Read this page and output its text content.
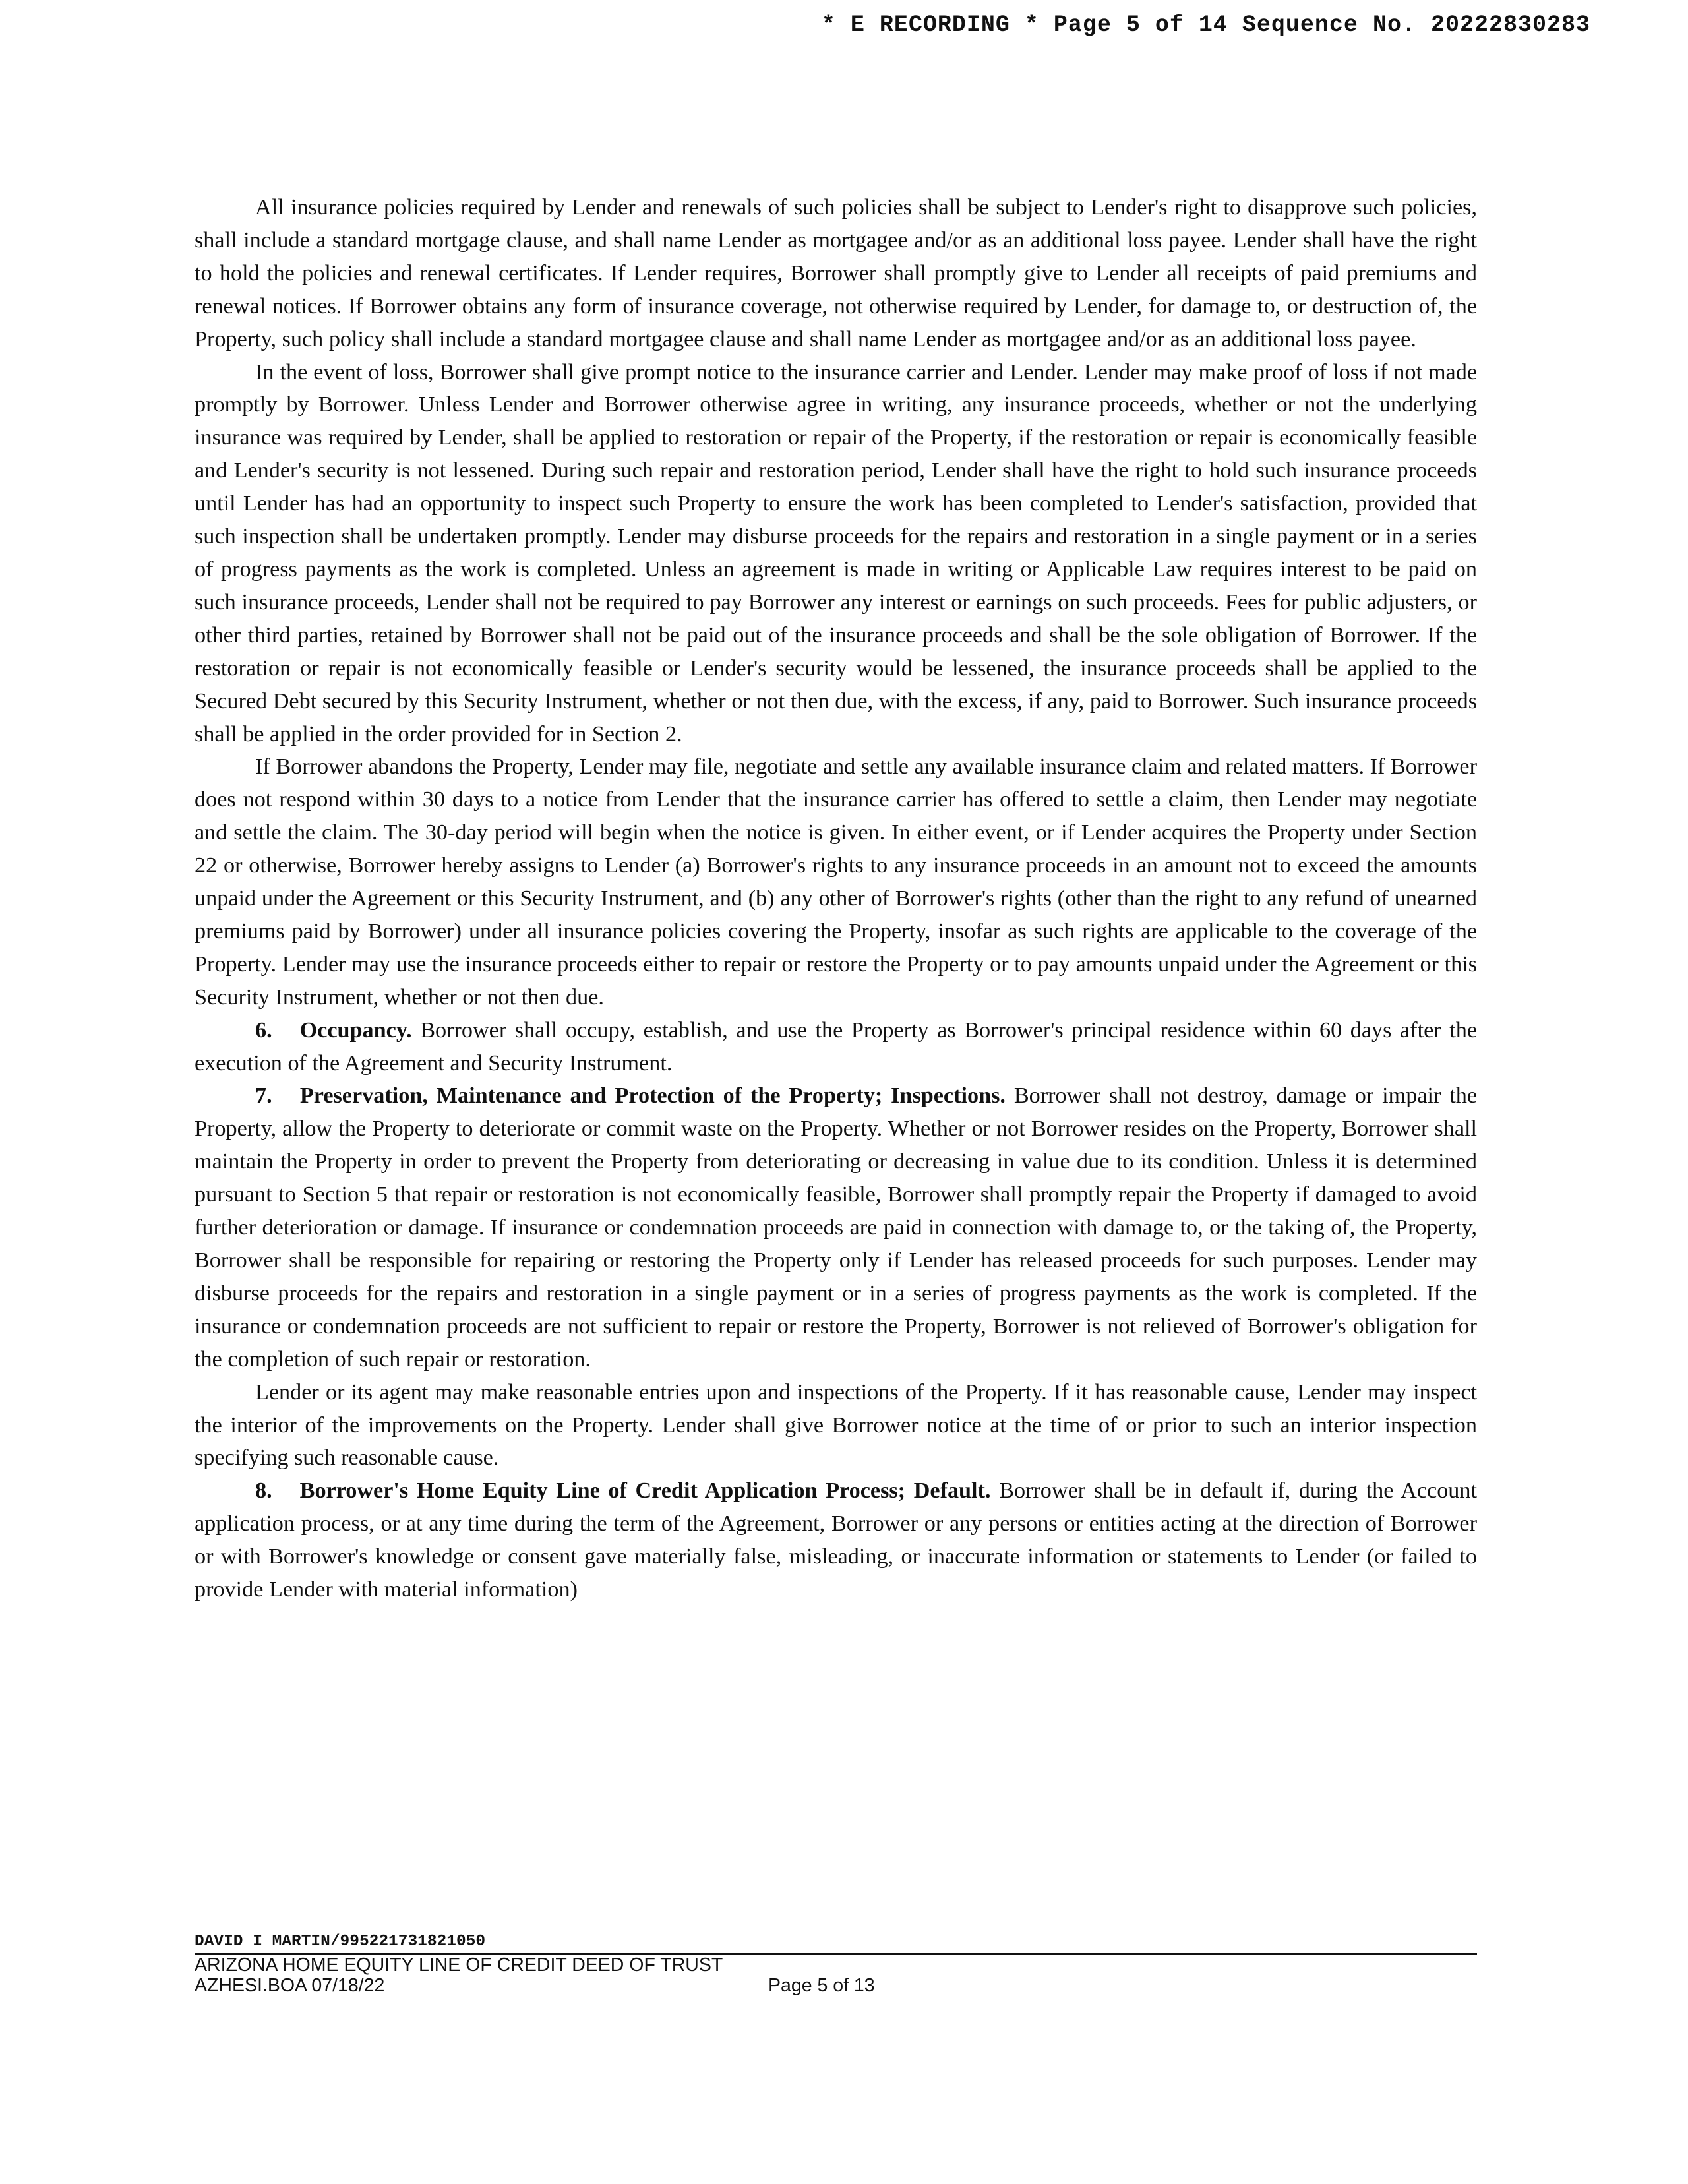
* E RECORDING * Page 5 of 14 Sequence No. 20222830283

All insurance policies required by Lender and renewals of such policies shall be subject to Lender's right to disapprove such policies, shall include a standard mortgage clause, and shall name Lender as mortgagee and/or as an additional loss payee. Lender shall have the right to hold the policies and renewal certificates. If Lender requires, Borrower shall promptly give to Lender all receipts of paid premiums and renewal notices. If Borrower obtains any form of insurance coverage, not otherwise required by Lender, for damage to, or destruction of, the Property, such policy shall include a standard mortgagee clause and shall name Lender as mortgagee and/or as an additional loss payee.

In the event of loss, Borrower shall give prompt notice to the insurance carrier and Lender. Lender may make proof of loss if not made promptly by Borrower. Unless Lender and Borrower otherwise agree in writing, any insurance proceeds, whether or not the underlying insurance was required by Lender, shall be applied to restoration or repair of the Property, if the restoration or repair is economically feasible and Lender's security is not lessened. During such repair and restoration period, Lender shall have the right to hold such insurance proceeds until Lender has had an opportunity to inspect such Property to ensure the work has been completed to Lender's satisfaction, provided that such inspection shall be undertaken promptly. Lender may disburse proceeds for the repairs and restoration in a single payment or in a series of progress payments as the work is completed. Unless an agreement is made in writing or Applicable Law requires interest to be paid on such insurance proceeds, Lender shall not be required to pay Borrower any interest or earnings on such proceeds. Fees for public adjusters, or other third parties, retained by Borrower shall not be paid out of the insurance proceeds and shall be the sole obligation of Borrower. If the restoration or repair is not economically feasible or Lender's security would be lessened, the insurance proceeds shall be applied to the Secured Debt secured by this Security Instrument, whether or not then due, with the excess, if any, paid to Borrower. Such insurance proceeds shall be applied in the order provided for in Section 2.

If Borrower abandons the Property, Lender may file, negotiate and settle any available insurance claim and related matters. If Borrower does not respond within 30 days to a notice from Lender that the insurance carrier has offered to settle a claim, then Lender may negotiate and settle the claim. The 30-day period will begin when the notice is given. In either event, or if Lender acquires the Property under Section 22 or otherwise, Borrower hereby assigns to Lender (a) Borrower's rights to any insurance proceeds in an amount not to exceed the amounts unpaid under the Agreement or this Security Instrument, and (b) any other of Borrower's rights (other than the right to any refund of unearned premiums paid by Borrower) under all insurance policies covering the Property, insofar as such rights are applicable to the coverage of the Property. Lender may use the insurance proceeds either to repair or restore the Property or to pay amounts unpaid under the Agreement or this Security Instrument, whether or not then due.

6. Occupancy. Borrower shall occupy, establish, and use the Property as Borrower's principal residence within 60 days after the execution of the Agreement and Security Instrument.

7. Preservation, Maintenance and Protection of the Property; Inspections. Borrower shall not destroy, damage or impair the Property, allow the Property to deteriorate or commit waste on the Property. Whether or not Borrower resides on the Property, Borrower shall maintain the Property in order to prevent the Property from deteriorating or decreasing in value due to its condition. Unless it is determined pursuant to Section 5 that repair or restoration is not economically feasible, Borrower shall promptly repair the Property if damaged to avoid further deterioration or damage. If insurance or condemnation proceeds are paid in connection with damage to, or the taking of, the Property, Borrower shall be responsible for repairing or restoring the Property only if Lender has released proceeds for such purposes. Lender may disburse proceeds for the repairs and restoration in a single payment or in a series of progress payments as the work is completed. If the insurance or condemnation proceeds are not sufficient to repair or restore the Property, Borrower is not relieved of Borrower's obligation for the completion of such repair or restoration.

Lender or its agent may make reasonable entries upon and inspections of the Property. If it has reasonable cause, Lender may inspect the interior of the improvements on the Property. Lender shall give Borrower notice at the time of or prior to such an interior inspection specifying such reasonable cause.

8. Borrower's Home Equity Line of Credit Application Process; Default. Borrower shall be in default if, during the Account application process, or at any time during the term of the Agreement, Borrower or any persons or entities acting at the direction of Borrower or with Borrower's knowledge or consent gave materially false, misleading, or inaccurate information or statements to Lender (or failed to provide Lender with material information)

DAVID I MARTIN/995221731821050
ARIZONA HOME EQUITY LINE OF CREDIT DEED OF TRUST
AZHESI.BOA 07/18/22	Page 5 of 13
